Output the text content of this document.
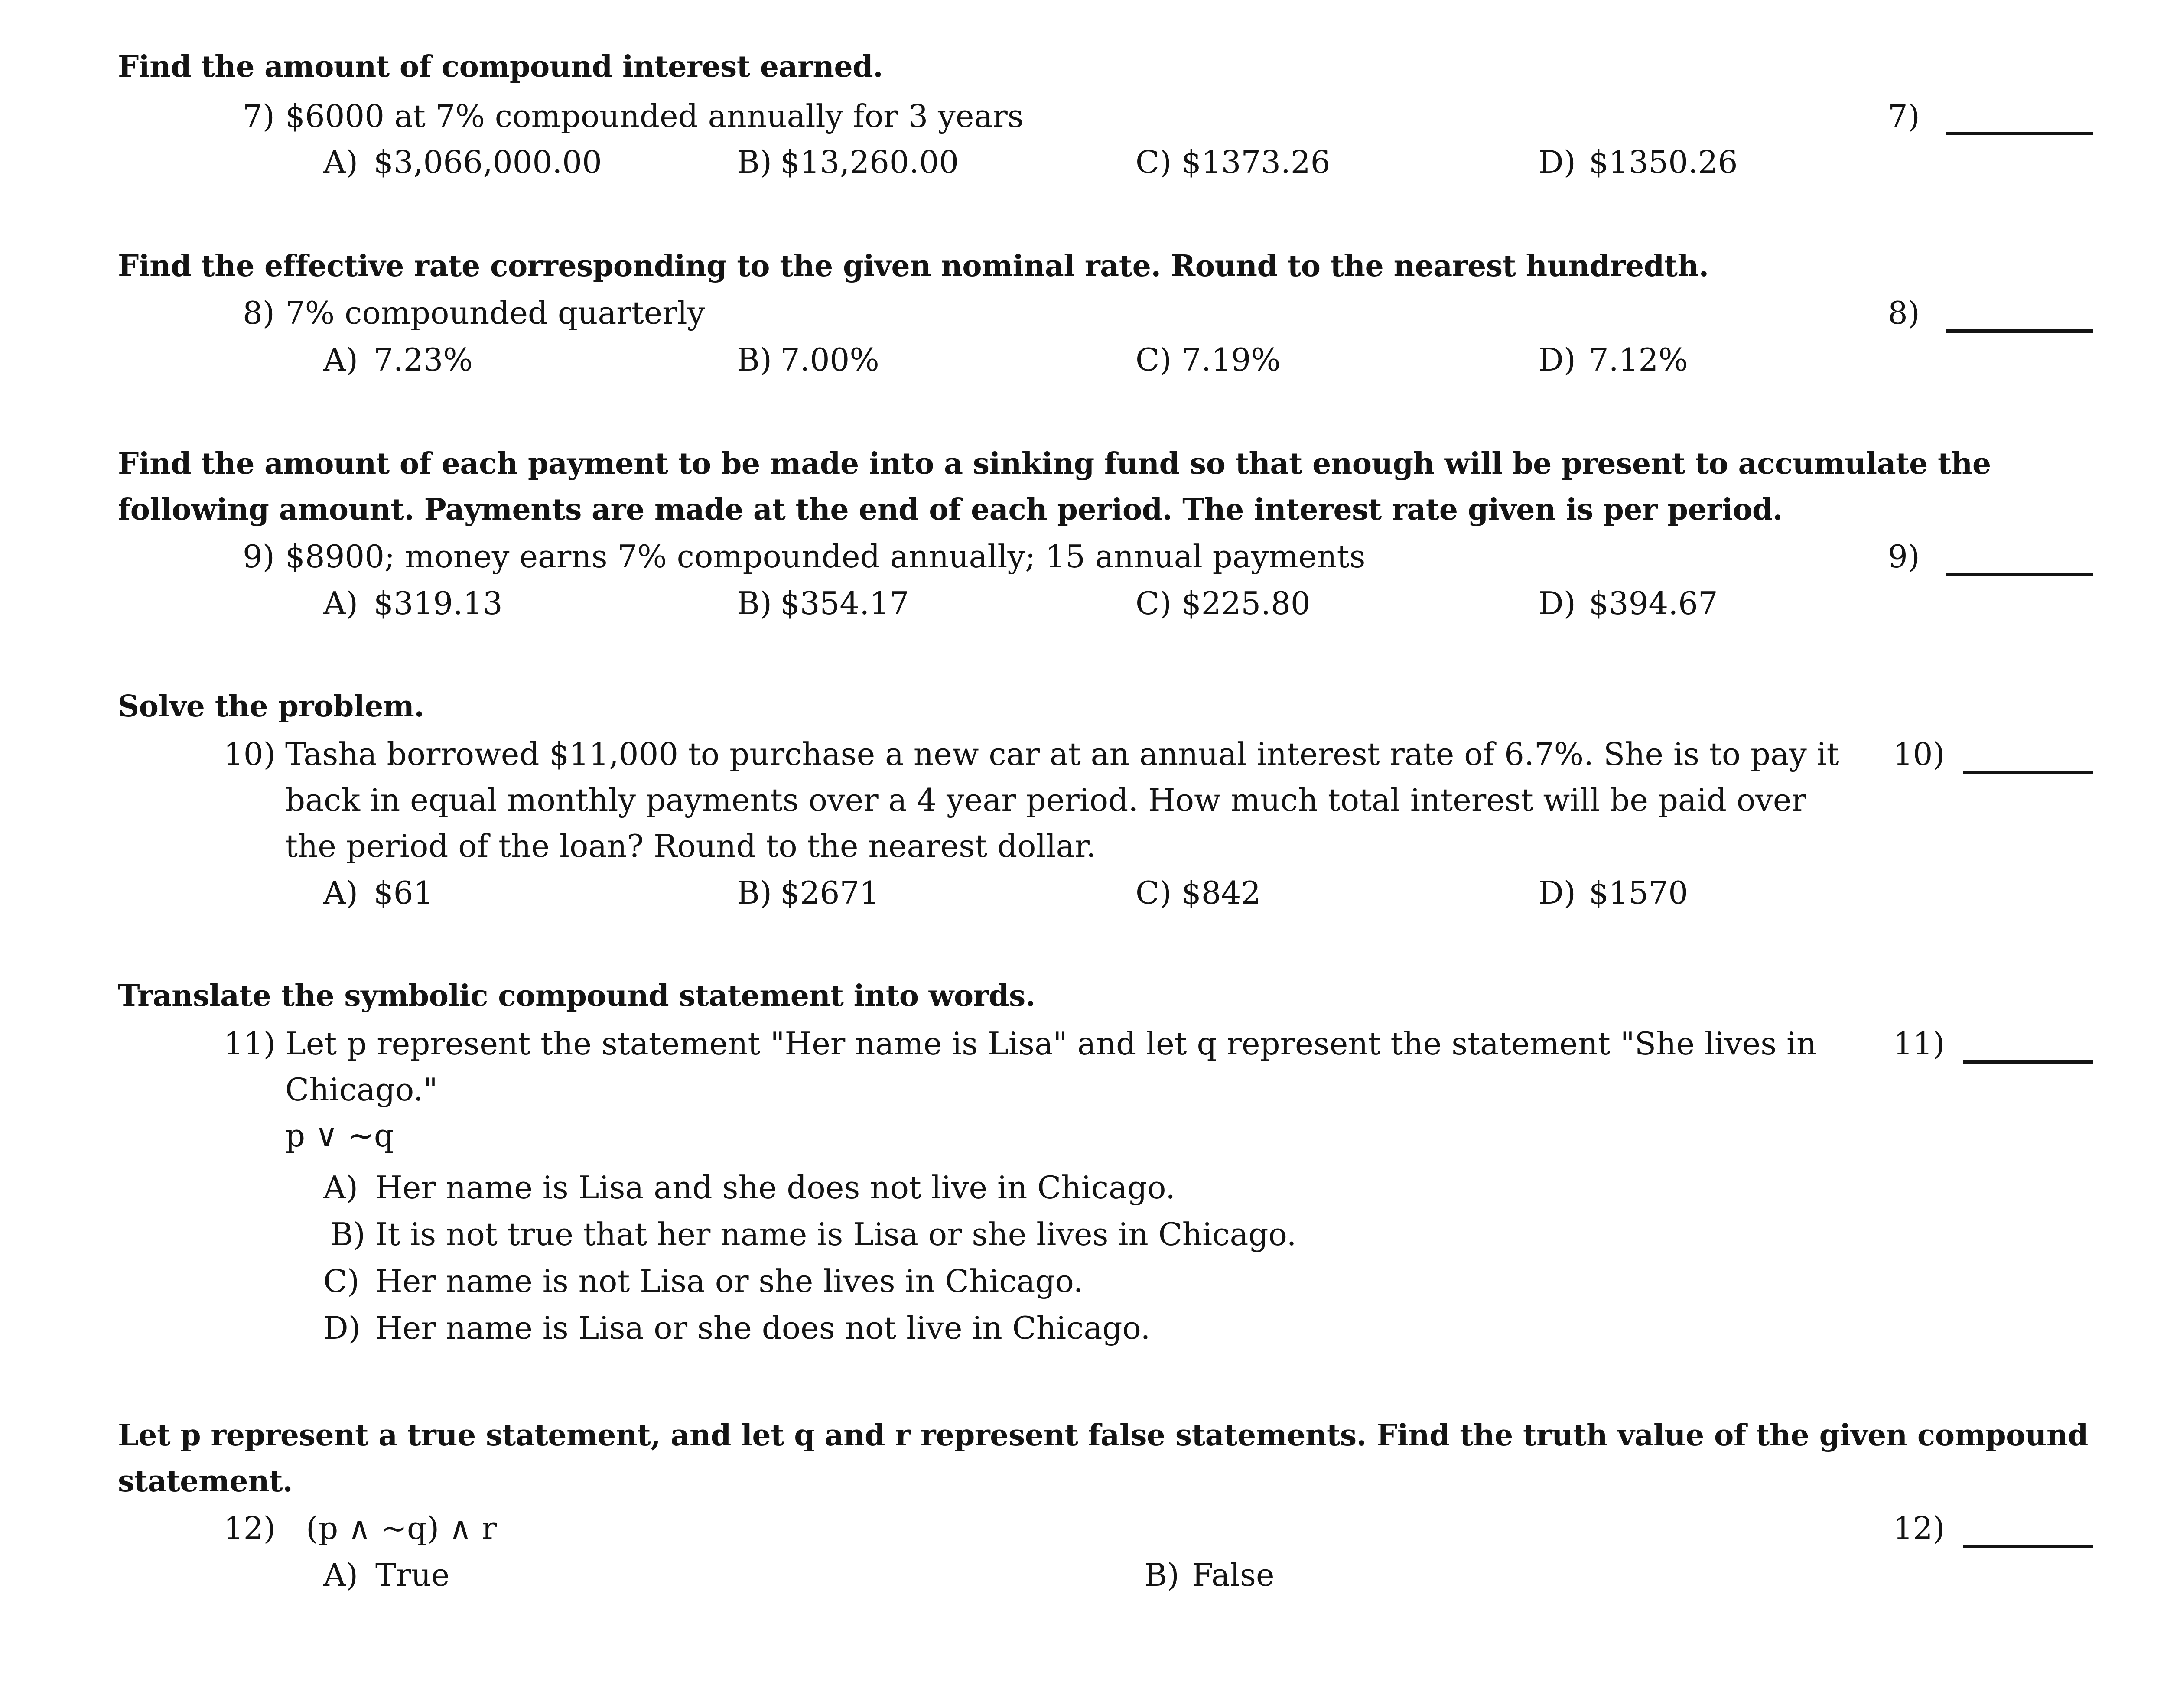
Find the amount of compound interest earned.
7) $6000 at 7% compounded annually for 3 years	7)
A) $3,066,000.00	B) $13,260.00	C) $1373.26	D) $1350.26
Find the effective rate corresponding to the given nominal rate. Round to the nearest hundredth.
8) 7% compounded quarterly	8)
A) 7.23%	B) 7.00%	C) 7.19%	D) 7.12%
Find the amount of each payment to be made into a sinking fund so that enough will be present to accumulate the
following amount. Payments are made at the end of each period. The interest rate given is per period.
9) $8900; money earns 7% compounded annually; 15 annual payments	9)
A) $319.13	B) $354.17	C) $225.80	D) $394.67
Solve the problem.
10) Tasha borrowed $11,000 to purchase a new car at an annual interest rate of 6.7%. She is to pay it
back in equal monthly payments over a 4 year period. How much total interest will be paid over
the period of the loan? Round to the nearest dollar.
10)
A) $61	B) $2671	C) $842	D) $1570
Translate the symbolic compound statement into words.
11) Let p represent the statement "Her name is Lisa" and let q represent the statement "She lives in
Chicago."
p ∨ ~q
11)
A) Her name is Lisa and she does not live in Chicago.
B) It is not true that her name is Lisa or she lives in Chicago.
C) Her name is not Lisa or she lives in Chicago.
D) Her name is Lisa or she does not live in Chicago.
Let p represent a true statement, and let q and r represent false statements. Find the truth value of the given compound
statement.
12) (p ∧ ~q) ∧ r	12)
A) True	B) False
